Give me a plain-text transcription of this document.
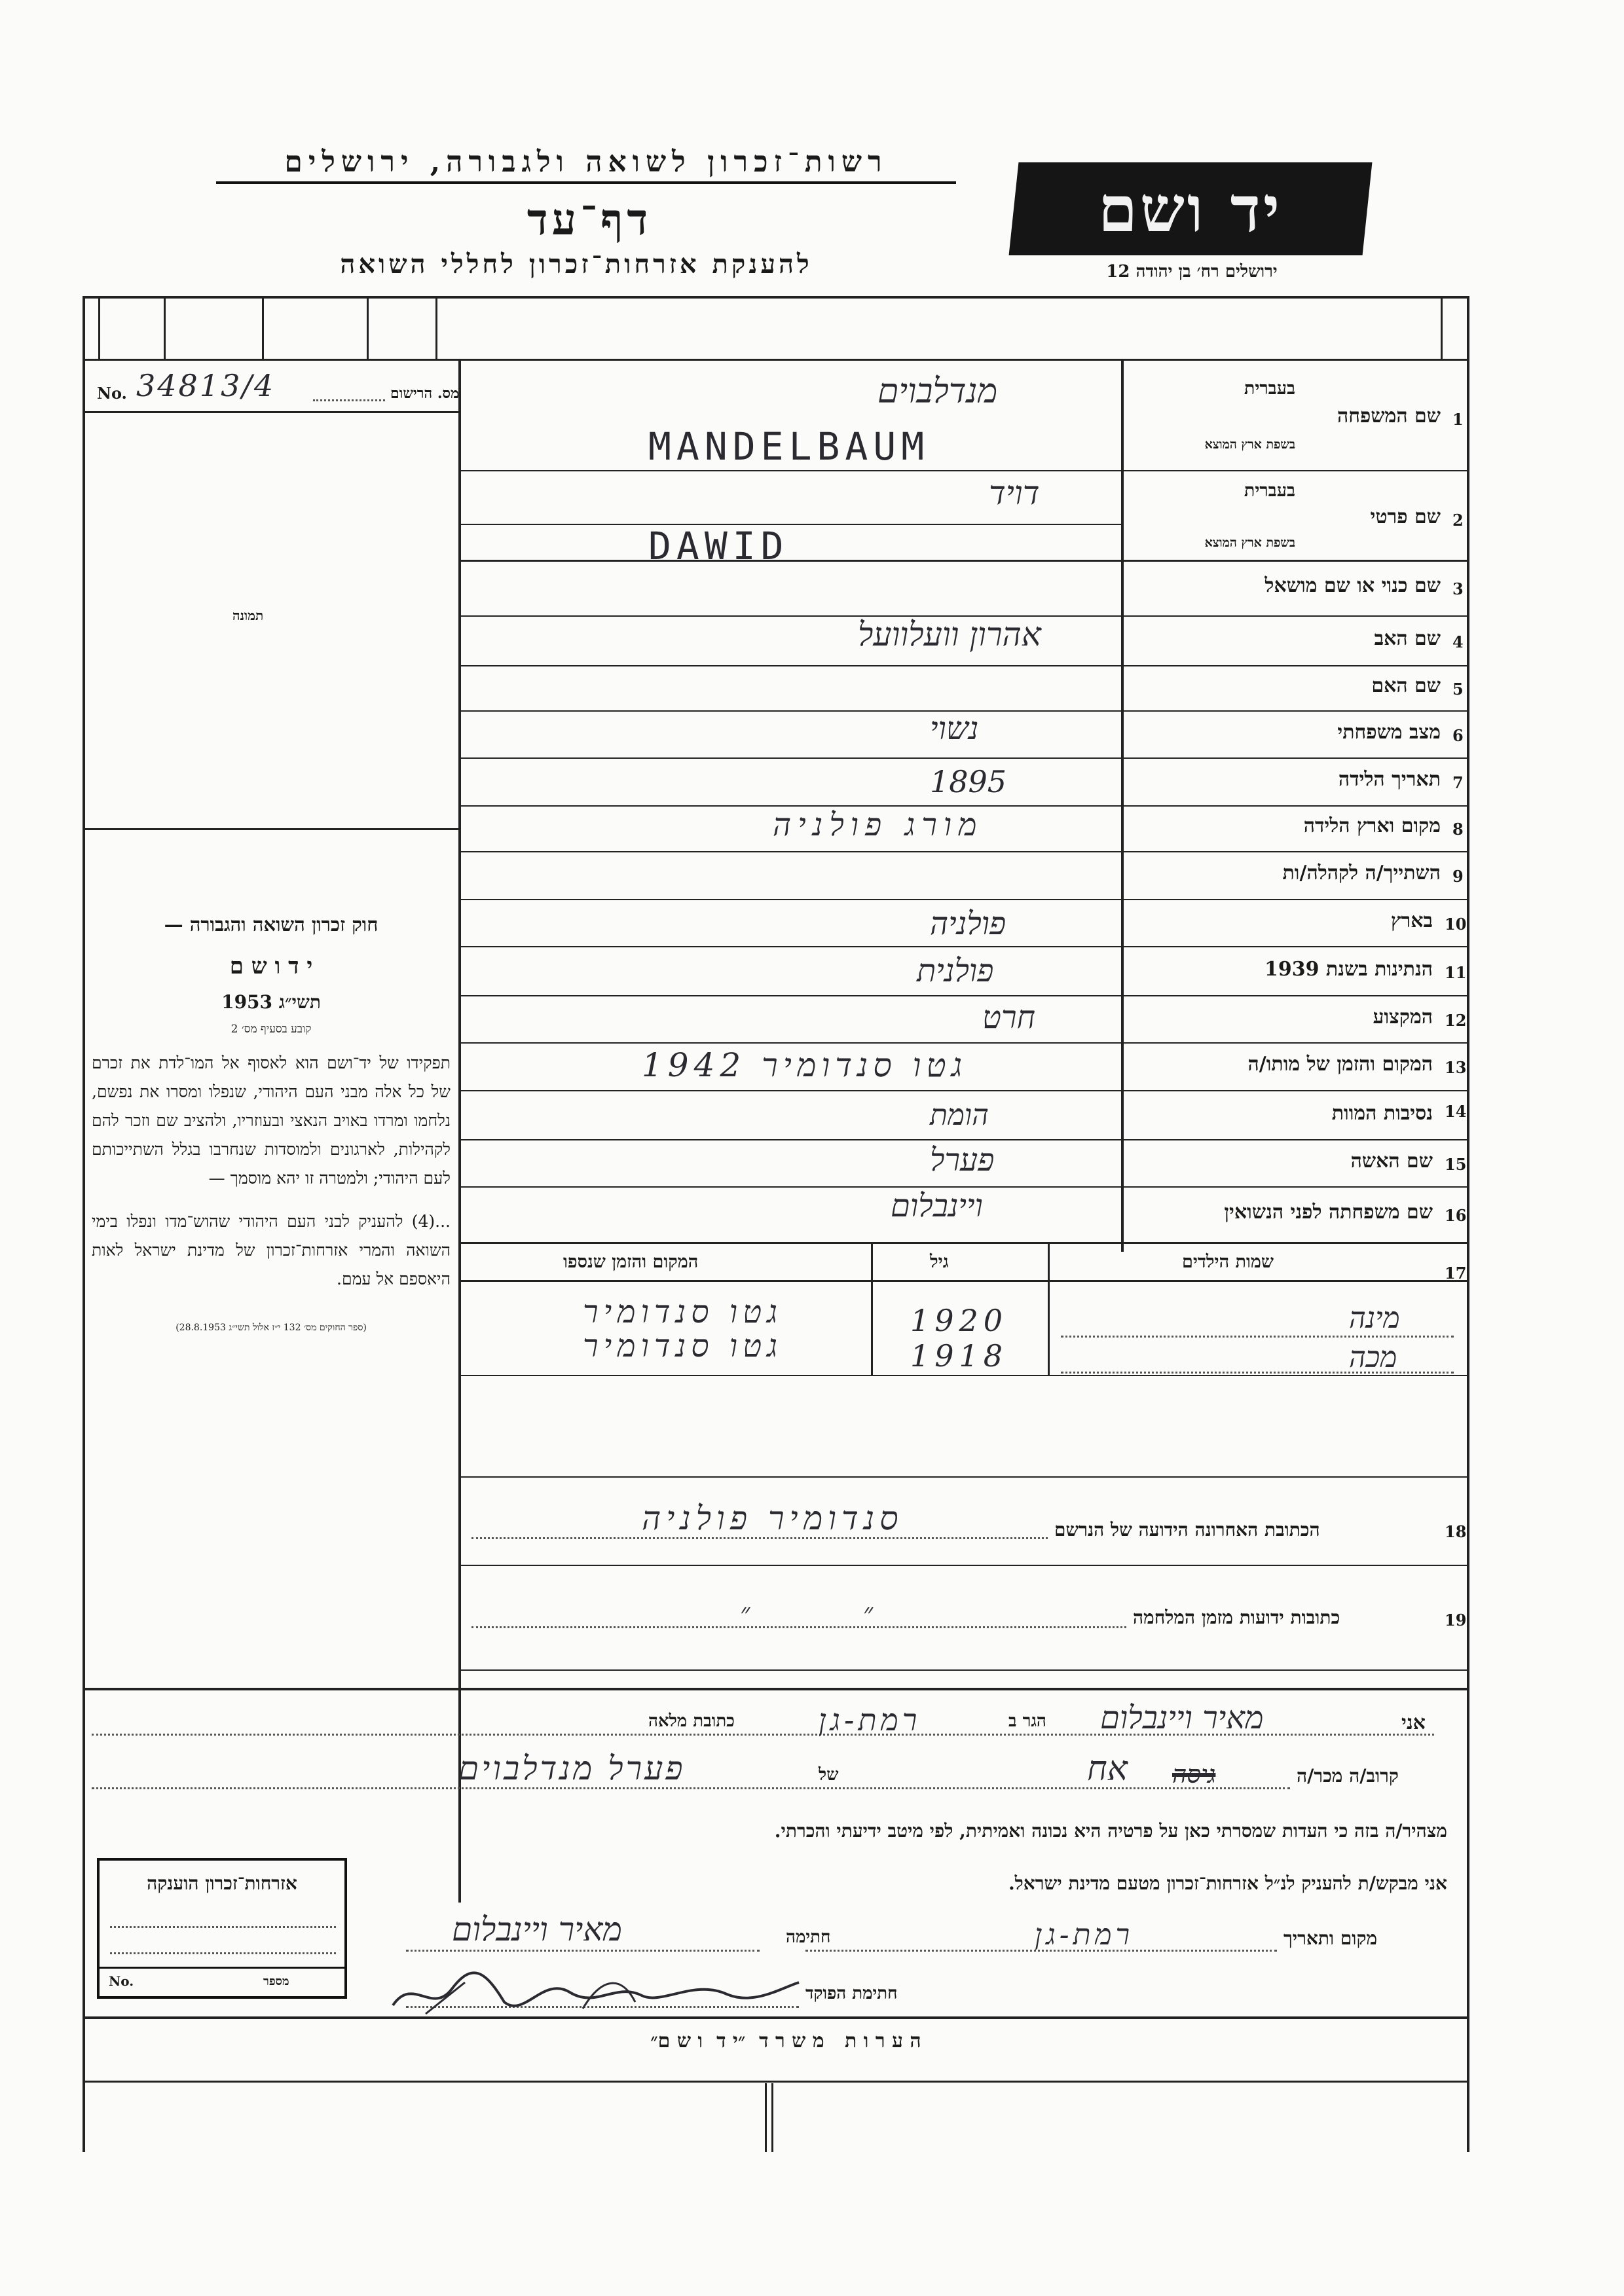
רשות־זכרון לשואה ולגבורה, ירושלים
דף־עד
להענקת אזרחות־זכרון לחללי השואה
יד ושם
ירושלים רח׳ בן יהודה 12
No. 34813/4	מס. הרישום
תמונה
חוק זכרון השואה והגבורה —
י ד ו ש ם
תשי״ג 1953
קובע בסעיף מס׳ 2
תפקידו של יד־ושם הוא לאסוף אל המו־לדת את זכרם של כל אלה מבני העם היהודי, שנפלו ומסרו את נפשם, נלחמו ומרדו באויב הנאצי ובעוזריו, ולהציב שם וזכר להם לקהילות, לארגונים ולמוסדות שנחרבו בגלל השתייכותם לעם היהודי; ולמטרה זו יהא מוסמך —
...(4) להעניק לבני העם היהודי שהוש־מדו ונפלו בימי השואה והמרי אזרחות־זכרון של מדינת ישראל לאות היאספם אל עמם.
(ספר החוקים מס׳ 132 י״ז אלול תשי״ג 28.8.1953)
1
שם המשפחה
בעברית
בשפת ארץ המוצא
מנדלבוים
MANDELBAUM
2
שם פרטי
בעברית
בשפת ארץ המוצא
דויד
DAWID
3
שם כנוי או שם מושאל
4
שם האב
אהרון וועלוועל
5
שם האם
6
מצב משפחתי
נשוי
7
תאריך הלידה
1895
8
מקום וארץ הלידה
מורג פולניה
9
השתייך/ה לקהלה/ות
10
בארץ
פולניה
11
הנתינות בשנת 1939
פולנית
12
המקצוע
חרט
13
המקום והזמן של מותו/ה
גטו סנדומיר 1942
14
נסיבות המוות
הומת
15
שם האשה
פערל
16
שם משפחתה לפני הנשואין
ויינבלום
17
שמות הילדים
גיל
המקום והזמן שנספו
מינה
1920
גטו סנדומיר
מכה
1918
גטו סנדומיר
18
הכתובת האחרונה הידועה של הנרשם
סנדומיר פולניה
19
כתובות ידועות מזמן המלחמה
״ ״
אני
מאיר ויינבלום
הגר ב
רמת-גן
כתובת מלאה
קרוב/ה מכר/ה
גיסה
אח
של
פערל מנדלבוים
מצהיר/ה בזה כי העדות שמסרתי כאן על פרטיה היא נכונה ואמיתית, לפי מיטב ידיעתי והכרתי.
אני מבקש/ת להעניק לנ״ל אזרחות־זכרון מטעם מדינת ישראל.
מקום ותאריך
רמת-גן
חתימה
מאיר ויינבלום
חתימת הפוקד
אזרחות־זכרון הוענקה
No.	מספר
ה ע ר ו ת   מ ש ר ד  ״י ד  ו ש ם״
